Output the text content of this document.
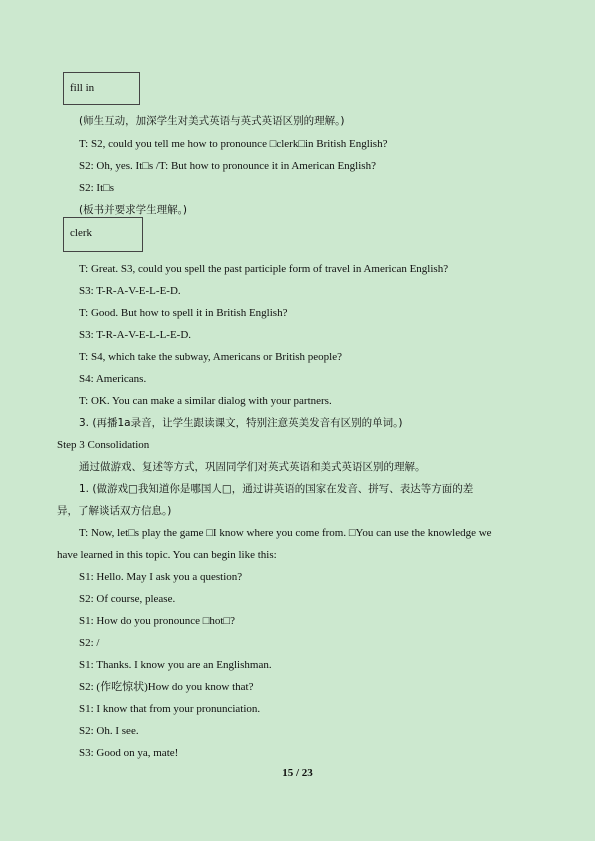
fill in
(师生互动，加深学生对美式英语与英式英语区别的理解。)
T: S2, could you tell me how to pronounce □clerk□in British English?
S2: Oh, yes. It□s /T: But how to pronounce it in American English?
S2: It□s
(板书并要求学生理解。)
clerk
T: Great. S3, could you spell the past participle form of travel in American English?
S3: T-R-A-V-E-L-E-D.
T: Good. But how to spell it in British English?
S3: T-R-A-V-E-L-L-E-D.
T: S4, which take the subway, Americans or British people?
S4: Americans.
T: OK. You can make a similar dialog with your partners.
3. (再播1a录音，让学生跟读课文，特别注意英美发音有区别的单词。)
Step 3 Consolidation
通过做游戏、复述等方式，巩固同学们对英式英语和美式英语区别的理解。
1. (做游戏□我知道你是哪国人□，通过讲英语的国家在发音、拼写、表达等方面的差
异，了解谈话双方信息。)
T: Now, let□s play the game □I know where you come from. □You can use the knowledge we
have learned in this topic. You can begin like this:
S1: Hello. May I ask you a question?
S2: Of course, please.
S1: How do you pronounce □hot□?
S2: /
S1: Thanks. I know you are an Englishman.
S2: (作吃惊状)How do you know that?
S1: I know that from your pronunciation.
S2: Oh. I see.
S3: Good on ya, mate!
15 / 23
